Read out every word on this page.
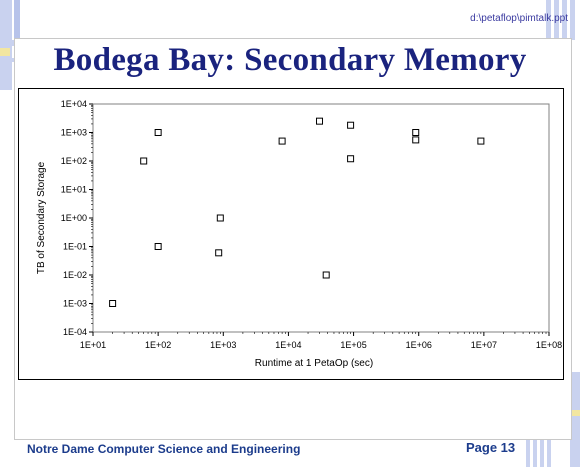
d:\petaflop\pimtalk.ppt
Bodega Bay: Secondary Memory
1E+01	1E+02	1E+03	1E+04	1E+05	1E+06	1E+07	1E+08
1E+04
1E+03
1E+02
1E+01
1E+00
1E-01
1E-02
1E-03
1E-04
Runtime at 1 PetaOp (sec)
TB of Secondary Storage
Notre Dame Computer Science and Engineering	Page 13
